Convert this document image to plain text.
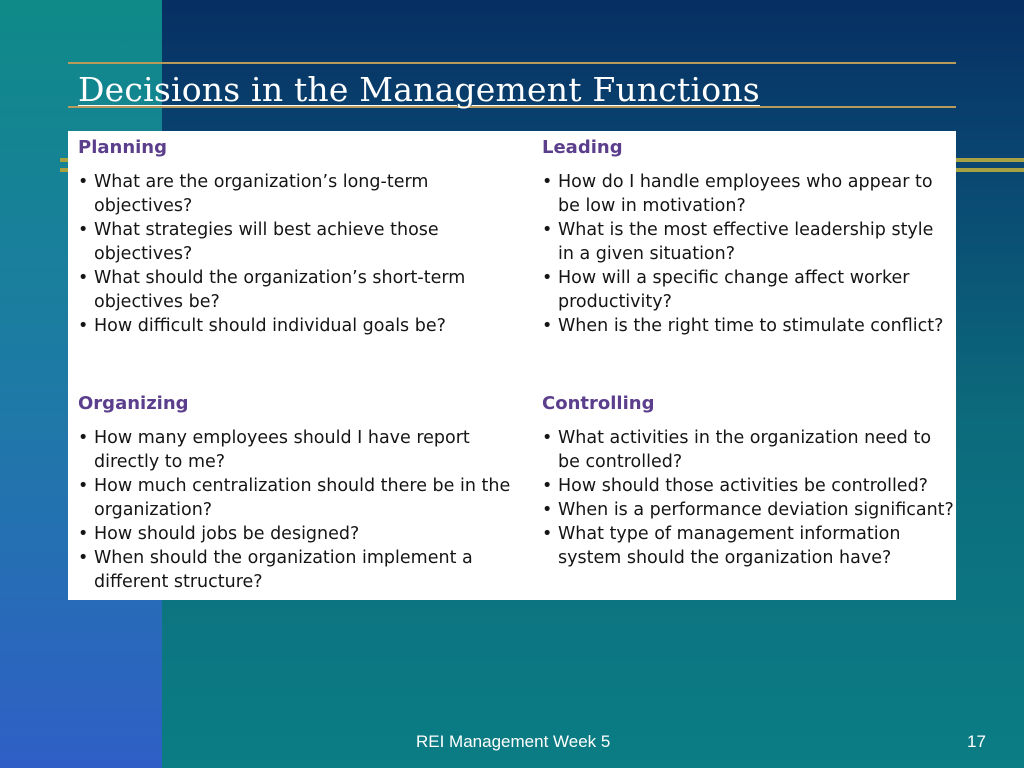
Decisions in the Management Functions
Planning
• What are the organization’s long-term objectives?
• What strategies will best achieve those objectives?
• What should the organization’s short-term objectives be?
• How difficult should individual goals be?
Leading
• How do I handle employees who appear to be low in motivation?
• What is the most effective leadership style in a given situation?
• How will a specific change affect worker productivity?
• When is the right time to stimulate conflict?
Organizing
• How many employees should I have report directly to me?
• How much centralization should there be in the organization?
• How should jobs be designed?
• When should the organization implement a different structure?
Controlling
• What activities in the organization need to be controlled?
• How should those activities be controlled?
• When is a performance deviation significant?
• What type of management information system should the organization have?
REI Management Week 5	17
